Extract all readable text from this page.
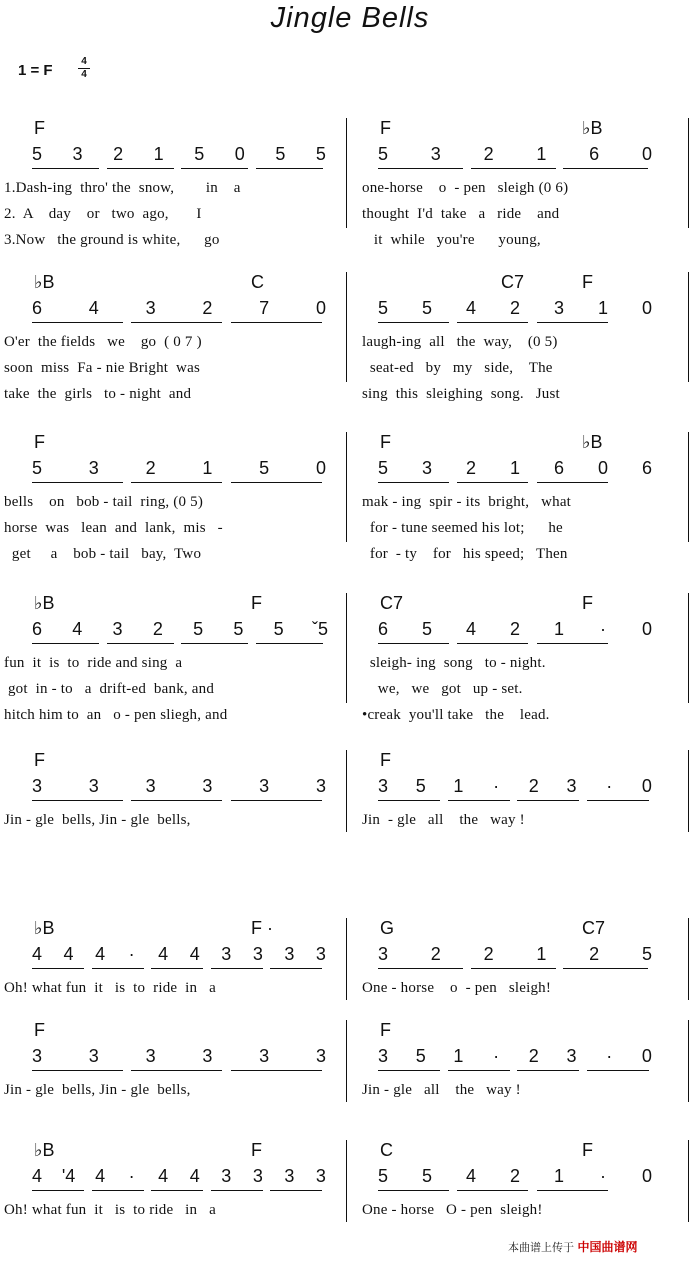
Jingle Bells
1 = F
4
4
F
5 3 2 1 5 0 5 5
1.Dash-ing  thro' the  snow,        in    a
2.  A    day    or   two  ago,       I
3.Now   the ground is white,      go
F	♭B
5 3 2 1 6 0
one-horse    o  - pen   sleigh (0 6)
thought  I'd  take   a   ride    and
it  while   you're      young,
♭B	C
6	4	3	2	7	0
O'er  the fields   we    go  ( 0 7 )
soon  miss  Fa - nie Bright  was
take  the  girls   to - night  and
C7	F
5 5 4 2 3 1 0
laugh-ing  all   the  way,    (0 5)
seat-ed   by   my   side,    The
sing  this  sleighing  song.   Just
F
5	3	2	1	5	0
bells    on   bob - tail  ring, (0 5)
horse  was   lean  and  lank,  mis   -
get     a    bob - tail   bay,  Two
F	♭B
5 3 2 1 6 0 6
mak - ing  spir - its  bright,   what
for - tune seemed his lot;      he
for  - ty    for   his speed;   Then
♭B	F
6 4 3 2 5 5 5 ˇ5
fun  it  is  to  ride and sing  a
got  in - to   a  drift-ed  bank, and
hitch him to  an   o - pen sliegh, and
C7	F
6 5 4 2 1 · 0
sleigh- ing  song   to - night.
we,   we   got   up - set.
•creak  you'll take   the    lead.
F
3	3	3	3	3	3
Jin - gle  bells, Jin - gle  bells,
F
3 5 1 · 2 3 · 0
Jin  - gle   all    the   way !
♭B	F ·
4 4 4 · 4 4 3 3 3 3
Oh! what fun  it   is  to  ride  in   a
G	C7
3 2 2 1 2 5
One - horse    o  - pen   sleigh!
F
3	3	3	3	3	3
Jin - gle  bells, Jin - gle  bells,
F
3 5 1 · 2 3 · 0
Jin - gle   all    the   way !
♭B	F
4 '4 4 · 4 4 3 3 3 3
Oh! what fun  it   is  to ride   in   a
C	F
5 5 4 2 1 · 0
One - horse   O - pen  sleigh!
本曲谱上传于 中国曲谱网
